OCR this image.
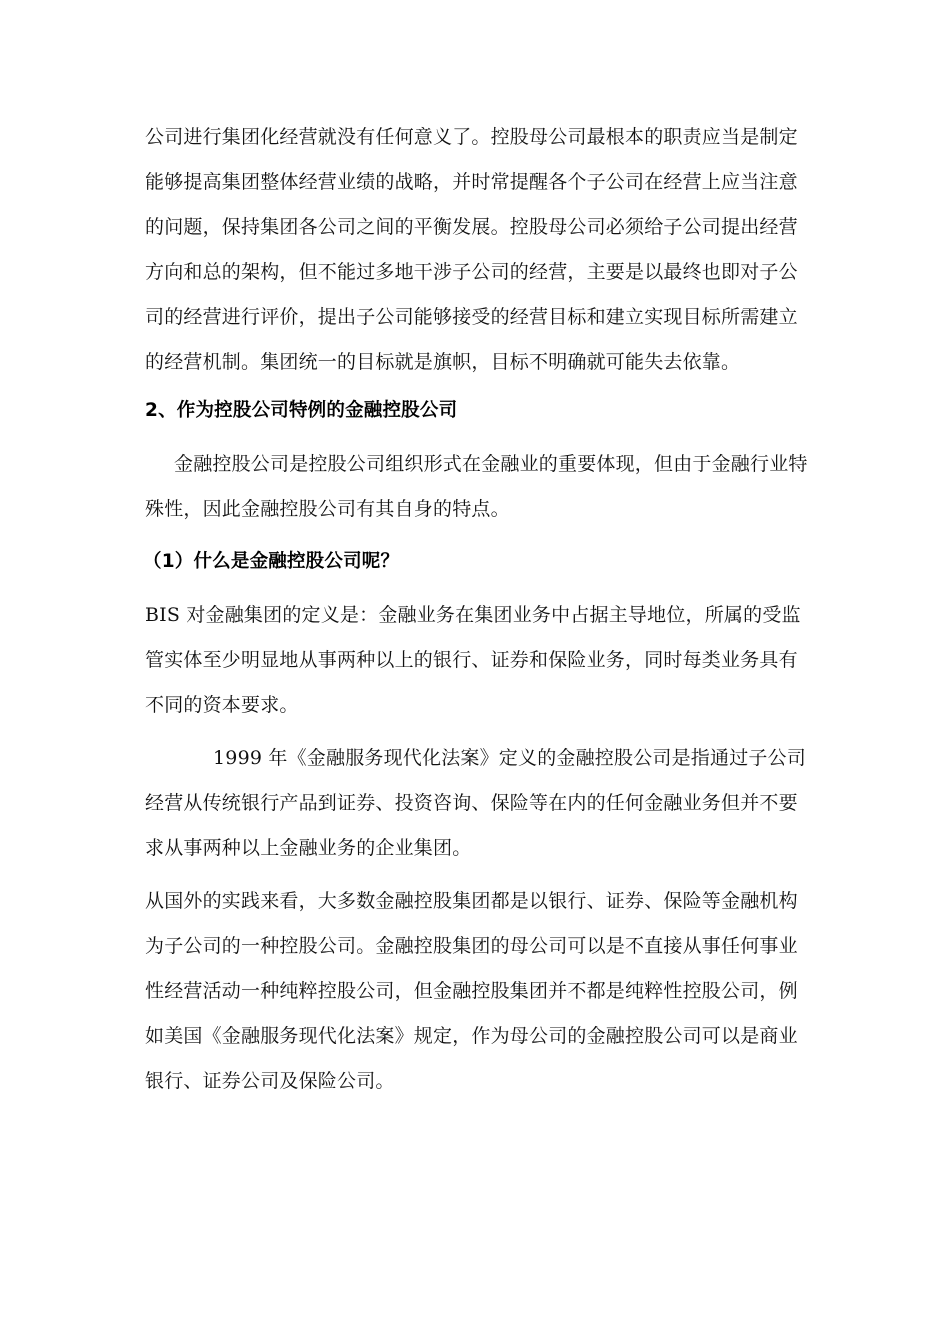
公司进行集团化经营就没有任何意义了。控股母公司最根本的职责应当是制定

能够提高集团整体经营业绩的战略，并时常提醒各个子公司在经营上应当注意

的问题，保持集团各公司之间的平衡发展。控股母公司必须给子公司提出经营

方向和总的架构，但不能过多地干涉子公司的经营，主要是以最终也即对子公

司的经营进行评价，提出子公司能够接受的经营目标和建立实现目标所需建立

的经营机制。集团统一的目标就是旗帜，目标不明确就可能失去依靠。

2、作为控股公司特例的金融控股公司

金融控股公司是控股公司组织形式在金融业的重要体现，但由于金融行业特

殊性，因此金融控股公司有其自身的特点。

（1）什么是金融控股公司呢？

BIS 对金融集团的定义是：金融业务在集团业务中占据主导地位，所属的受监

管实体至少明显地从事两种以上的银行、证券和保险业务，同时每类业务具有

不同的资本要求。

1999 年《金融服务现代化法案》定义的金融控股公司是指通过子公司

经营从传统银行产品到证券、投资咨询、保险等在内的任何金融业务但并不要

求从事两种以上金融业务的企业集团。

从国外的实践来看，大多数金融控股集团都是以银行、证券、保险等金融机构

为子公司的一种控股公司。金融控股集团的母公司可以是不直接从事任何事业

性经营活动一种纯粹控股公司，但金融控股集团并不都是纯粹性控股公司，例

如美国《金融服务现代化法案》规定，作为母公司的金融控股公司可以是商业

银行、证券公司及保险公司。
